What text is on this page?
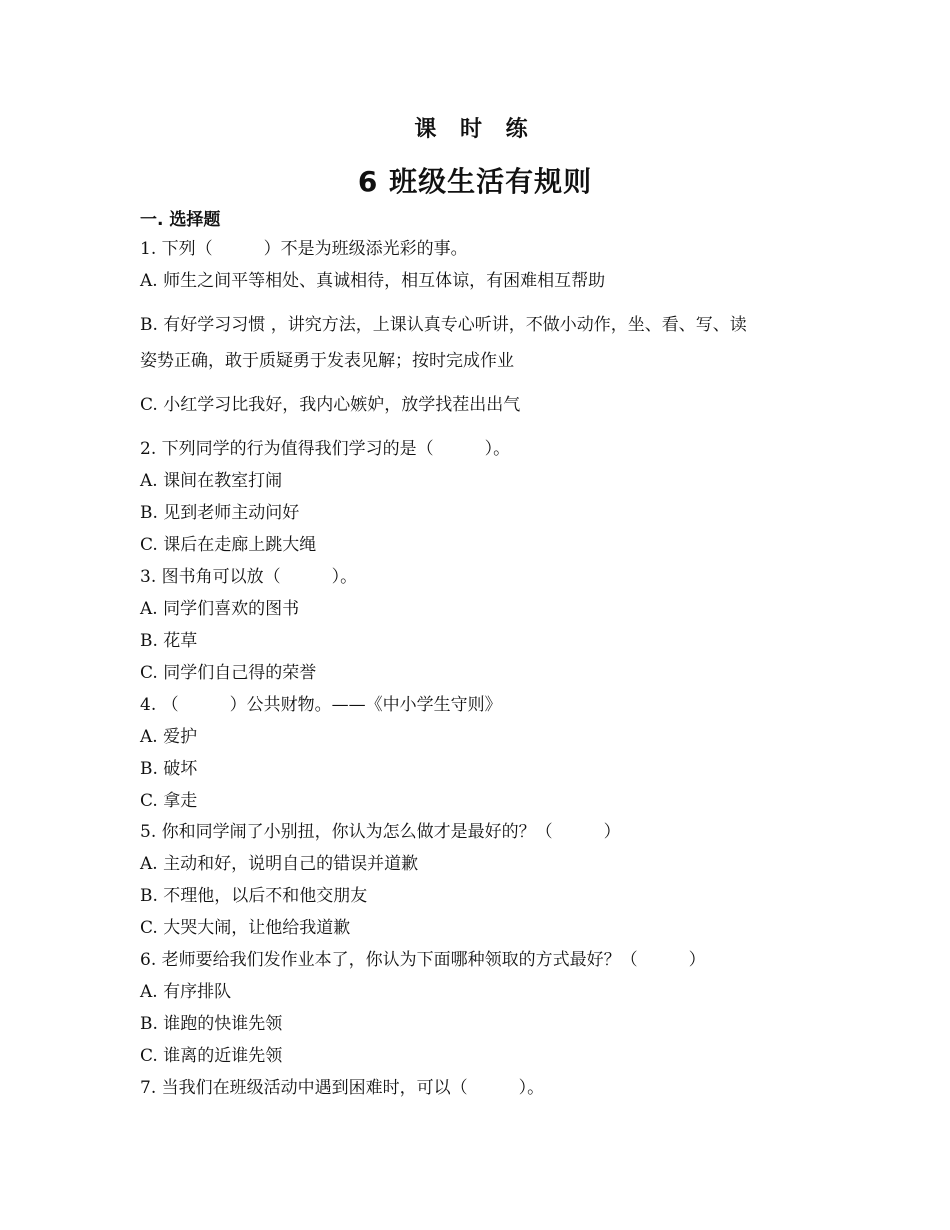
课 时 练
6 班级生活有规则
一. 选择题
1. 下列（　　　）不是为班级添光彩的事。
A. 师生之间平等相处、真诚相待，相互体谅，有困难相互帮助
B. 有好学习习惯 ，讲究方法，上课认真专心听讲，不做小动作，坐、看、写、读
姿势正确，敢于质疑勇于发表见解；按时完成作业
C. 小红学习比我好，我内心嫉妒，放学找茬出出气
2. 下列同学的行为值得我们学习的是（　　　）。
A. 课间在教室打闹
B. 见到老师主动问好
C. 课后在走廊上跳大绳
3. 图书角可以放（　　　）。
A. 同学们喜欢的图书
B. 花草
C. 同学们自己得的荣誉
4. （　　　）公共财物。——《中小学生守则》
A. 爱护
B. 破坏
C. 拿走
5. 你和同学闹了小别扭，你认为怎么做才是最好的？（　　　）
A. 主动和好，说明自己的错误并道歉
B. 不理他，以后不和他交朋友
C. 大哭大闹，让他给我道歉
6. 老师要给我们发作业本了，你认为下面哪种领取的方式最好？（　　　）
A. 有序排队
B. 谁跑的快谁先领
C. 谁离的近谁先领
7. 当我们在班级活动中遇到困难时，可以（　　　）。
